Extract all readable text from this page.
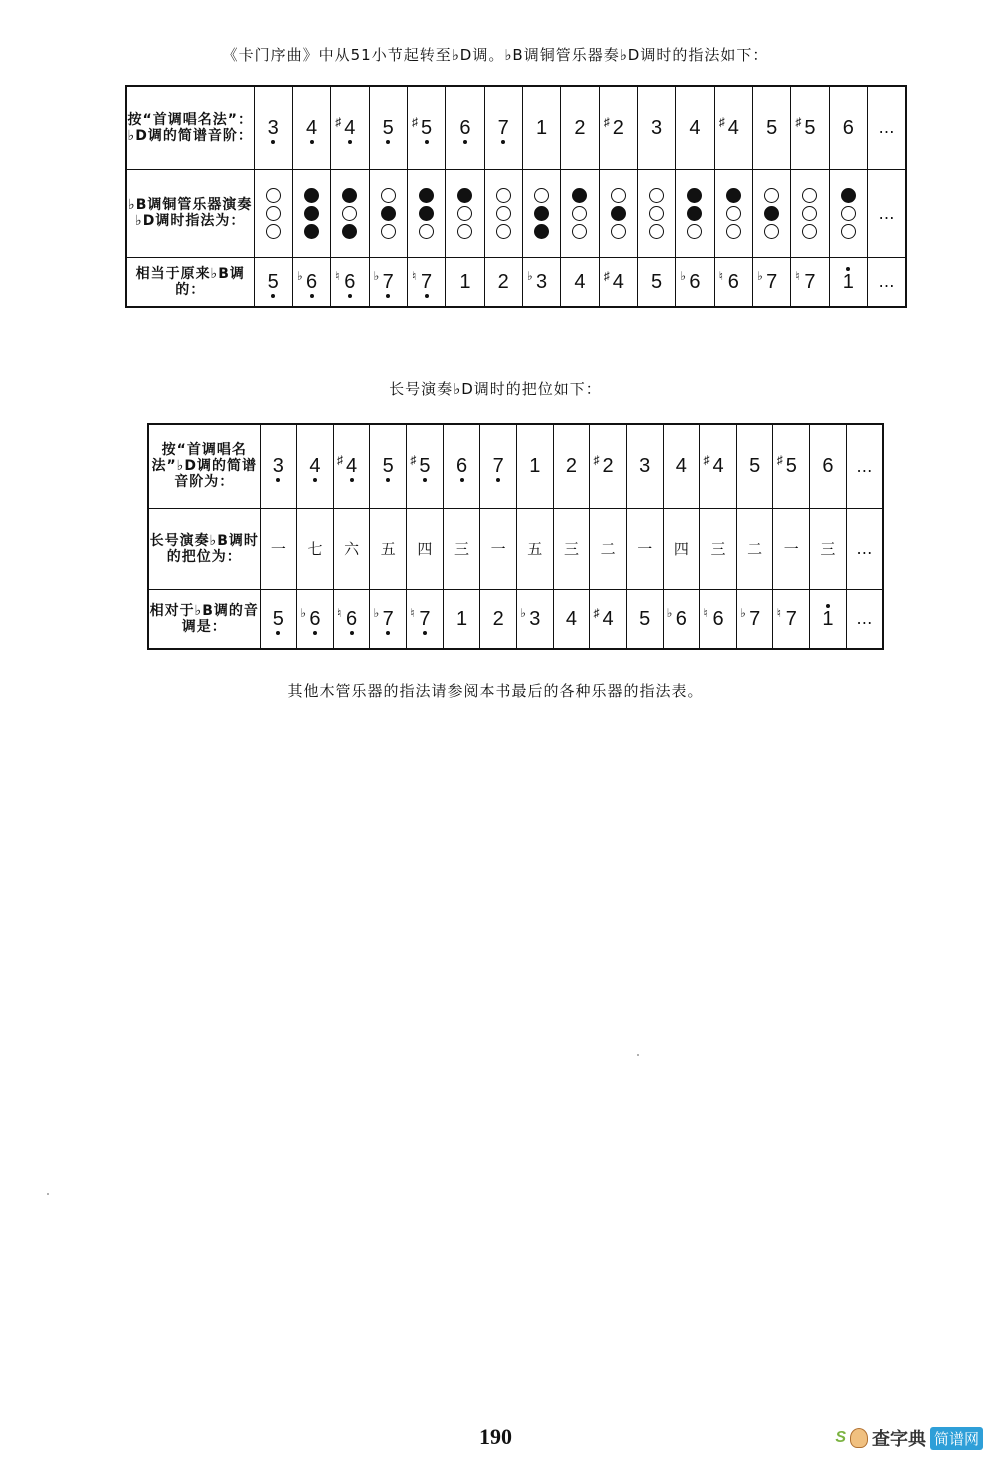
《卡门序曲》中从51小节起转至♭D调。♭B调铜管乐器奏♭D调时的指法如下：
按“首调唱名法”：♭D调的简谱音阶：	3	4	♯ 4	5	♯ 5	6	7	1	2	♯ 2	3	4	♯ 4	5	♯ 5	6	…
♭B调铜管乐器演奏♭D调时指法为：																	…
相当于原来♭B调的：	5	♭ 6	♮ 6	♭ 7	♮ 7	1	2	♭ 3	4	♯ 4	5	♭ 6	♮ 6	♭ 7	♮ 7	1	…
长号演奏♭D调时的把位如下：
按“首调唱名法”♭D调的简谱音阶为：	3	4	♯ 4	5	♯ 5	6	7	1	2	♯ 2	3	4	♯ 4	5	♯ 5	6	…
长号演奏♭B调时的把位为：	一	七	六	五	四	三	一	五	三	二	一	四	三	二	一	三	…
相对于♭B调的音调是：	5	♭ 6	♮ 6	♭ 7	♮ 7	1	2	♭ 3	4	♯ 4	5	♭ 6	♮ 6	♭ 7	♮ 7	1	…
其他木管乐器的指法请参阅本书最后的各种乐器的指法表。
190	S 查字典 简谱网
